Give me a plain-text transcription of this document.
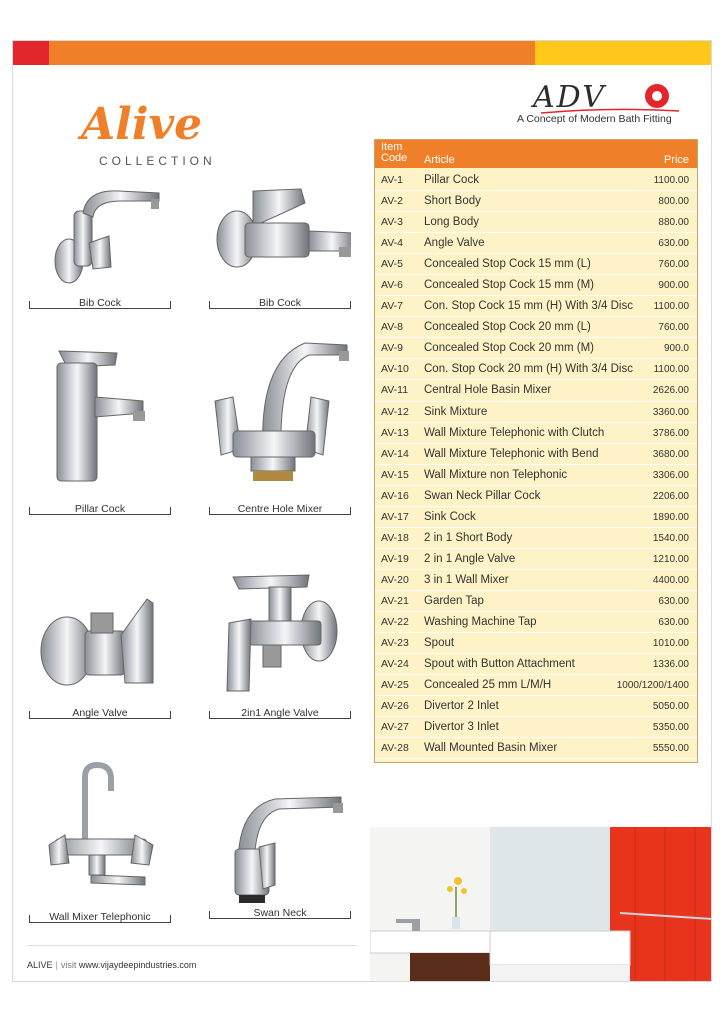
ADV
A Concept of Modern Bath Fitting
Alive
COLLECTION
Bib Cock	Bib Cock
Pillar Cock	Centre Hole Mixer
Angle Valve	2in1 Angle Valve
Wall Mixer Telephonic	Swan Neck
Item Code	Article	Price
AV-1 Pillar Cock	1100.00
AV-2 Short Body	800.00
AV-3 Long Body	880.00
AV-4 Angle Valve	630.00
AV-5 Concealed Stop Cock 15 mm (L)	760.00
AV-6 Concealed Stop Cock 15 mm (M)	900.00
AV-7 Con. Stop Cock 15 mm (H) With 3/4 Disc 1100.00
AV-8 Concealed Stop Cock 20 mm (L)	760.00
AV-9 Concealed Stop Cock 20 mm (M)	900.0
AV-10 Con. Stop Cock 20 mm (H) With 3/4 Disc 1100.00
AV-11 Central Hole Basin Mixer	2626.00
AV-12 Sink Mixture	3360.00
AV-13 Wall Mixture Telephonic with Clutch	3786.00
AV-14 Wall Mixture Telephonic with Bend	3680.00
AV-15 Wall Mixture non Telephonic	3306.00
AV-16 Swan Neck Pillar Cock	2206.00
AV-17 Sink Cock	1890.00
AV-18 2 in 1 Short Body	1540.00
AV-19 2 in 1 Angle Valve	1210.00
AV-20 3 in 1 Wall Mixer	4400.00
AV-21 Garden Tap	630.00
AV-22 Washing Machine Tap	630.00
AV-23 Spout	1010.00
AV-24 Spout with Button Attachment	1336.00
AV-25 Concealed 25 mm L/M/H	1000/1200/1400
AV-26 Divertor 2 Inlet	5050.00
AV-27 Divertor 3 Inlet	5350.00
AV-28 Wall Mounted Basin Mixer	5550.00
ALIVE | visit www.vijaydeepindustries.com
